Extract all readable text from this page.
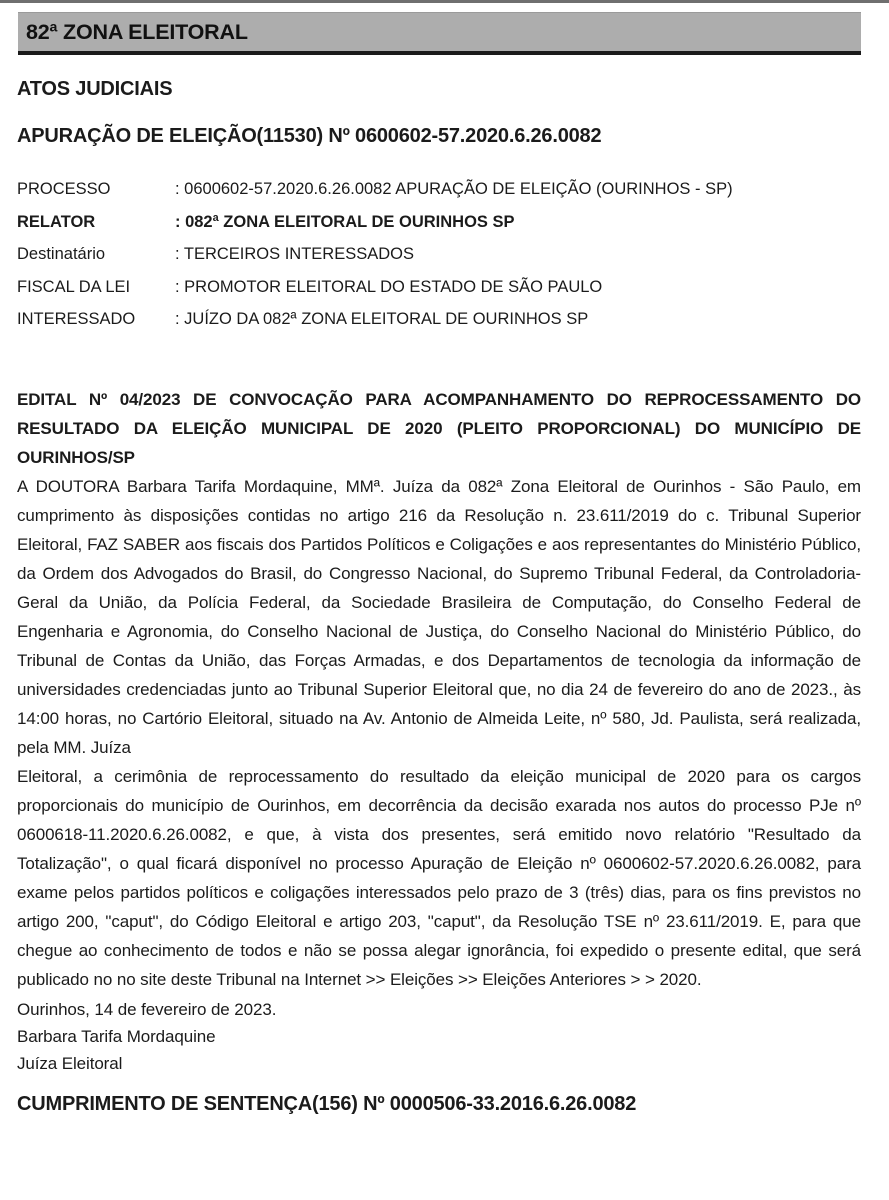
82ª ZONA ELEITORAL
ATOS JUDICIAIS
APURAÇÃO DE ELEIÇÃO(11530) Nº 0600602-57.2020.6.26.0082
PROCESSO	: 0600602-57.2020.6.26.0082 APURAÇÃO DE ELEIÇÃO (OURINHOS - SP)
RELATOR	: 082ª ZONA ELEITORAL DE OURINHOS SP
Destinatário	: TERCEIROS INTERESSADOS
FISCAL DA LEI	: PROMOTOR ELEITORAL DO ESTADO DE SÃO PAULO
INTERESSADO	: JUÍZO DA 082ª ZONA ELEITORAL DE OURINHOS SP

EDITAL Nº 04/2023 DE CONVOCAÇÃO PARA ACOMPANHAMENTO DO REPROCESSAMENTO DO RESULTADO DA ELEIÇÃO MUNICIPAL DE 2020 (PLEITO PROPORCIONAL) DO MUNICÍPIO DE OURINHOS/SP

A DOUTORA Barbara Tarifa Mordaquine, MMª. Juíza da 082ª Zona Eleitoral de Ourinhos - São Paulo, em cumprimento às disposições contidas no artigo 216 da Resolução n. 23.611/2019 do c. Tribunal Superior Eleitoral, FAZ SABER aos fiscais dos Partidos Políticos e Coligações e aos representantes do Ministério Público, da Ordem dos Advogados do Brasil, do Congresso Nacional, do Supremo Tribunal Federal, da Controladoria-Geral da União, da Polícia Federal, da Sociedade Brasileira de Computação, do Conselho Federal de Engenharia e Agronomia, do Conselho Nacional de Justiça, do Conselho Nacional do Ministério Público, do Tribunal de Contas da União, das Forças Armadas, e dos Departamentos de tecnologia da informação de universidades credenciadas junto ao Tribunal Superior Eleitoral que, no dia 24 de fevereiro do ano de 2023., às 14:00 horas, no Cartório Eleitoral, situado na Av. Antonio de Almeida Leite, nº 580, Jd. Paulista, será realizada, pela MM. Juíza

Eleitoral, a cerimônia de reprocessamento do resultado da eleição municipal de 2020 para os cargos proporcionais do município de Ourinhos, em decorrência da decisão exarada nos autos do processo PJe nº 0600618-11.2020.6.26.0082, e que, à vista dos presentes, será emitido novo relatório "Resultado da Totalização", o qual ficará disponível no processo Apuração de Eleição nº 0600602-57.2020.6.26.0082, para exame pelos partidos políticos e coligações interessados pelo prazo de 3 (três) dias, para os fins previstos no artigo 200, "caput", do Código Eleitoral e artigo 203, "caput", da Resolução TSE nº 23.611/2019. E, para que chegue ao conhecimento de todos e não se possa alegar ignorância, foi expedido o presente edital, que será publicado no no site deste Tribunal na Internet >> Eleições >> Eleições Anteriores > > 2020.

Ourinhos, 14 de fevereiro de 2023.

Barbara Tarifa Mordaquine

Juíza Eleitoral

CUMPRIMENTO DE SENTENÇA(156) Nº 0000506-33.2016.6.26.0082
